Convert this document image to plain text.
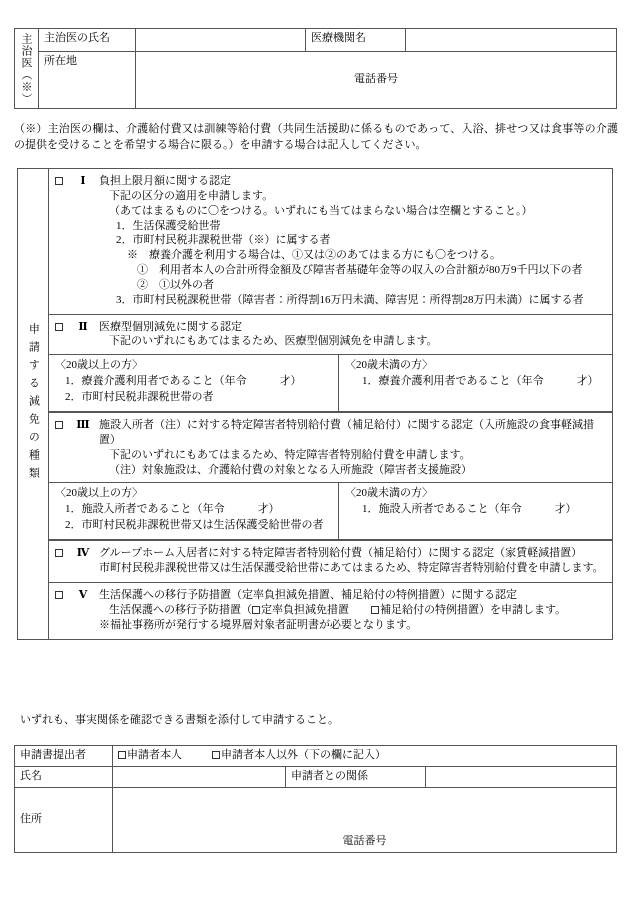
主治医（※）	主治医の氏名		医療機関名	
	所在地	電話番号		
（※）主治医の欄は、介護給付費又は訓練等給付費（共同生活援助に係るものであって、入浴、排せつ又は食事等の介護の提供を受けることを希望する場合に限る。）を申請する場合は記入してください。
申請する減免の種類
Ⅰ	負担上限月額に関する認定

下記の区分の適用を申請します。

（あてはまるものに〇をつける。いずれにも当てはまらない場合は空欄とすること。）

1．生活保護受給世帯

2．市町村民税非課税世帯（※）に属する者

※　療養介護を利用する場合は、①又は②のあてはまる方にも〇をつける。

①　利用者本人の合計所得金額及び障害者基礎年金等の収入の合計額が80万9千円以下の者

②　①以外の者

3．市町村民税課税世帯（障害者：所得割16万円未満、障害児：所得割28万円未満）に属する者

Ⅱ	医療型個別減免に関する認定

下記のいずれにもあてはまるため、医療型個別減免を申請します。

〈20歳以上の方〉

1．療養介護利用者であること（年令　　　才）

2．市町村民税非課税世帯の者

〈20歳未満の方〉

1．療養介護利用者であること（年令　　　才）

Ⅲ 施設入所者（注）に対する特定障害者特別給付費（補足給付）に関する認定（入所施設の食事軽減措置）

下記のいずれにもあてはまるため、特定障害者特別給付費を申請します。

（注）対象施設は、介護給付費の対象となる入所施設（障害者支援施設）

〈20歳以上の方〉

1．施設入所者であること（年令　　　才）

2．市町村民税非課税世帯又は生活保護受給世帯の者

〈20歳未満の方〉

1．施設入所者であること（年令　　　才）

Ⅳ グループホーム入居者に対する特定障害者特別給付費（補足給付）に関する認定（家賃軽減措置）

市町村民税非課税世帯又は生活保護受給世帯にあてはまるため、特定障害者特別給付費を申請します。

Ⅴ	生活保護への移行予防措置（定率負担減免措置、補足給付の特例措置）に関する認定

生活保護への移行予防措置（ 定率負担減免措置	補足給付の特例措置）を申請します。

※福祉事務所が発行する境界層対象者証明書が必要となります。

いずれも、事実関係を確認できる書類を添付して申請すること。
申請書提出者	申請者本人 申請者本人以外（下の欄に記入）		
氏名		申請者との関係	
住所	電話番号		
